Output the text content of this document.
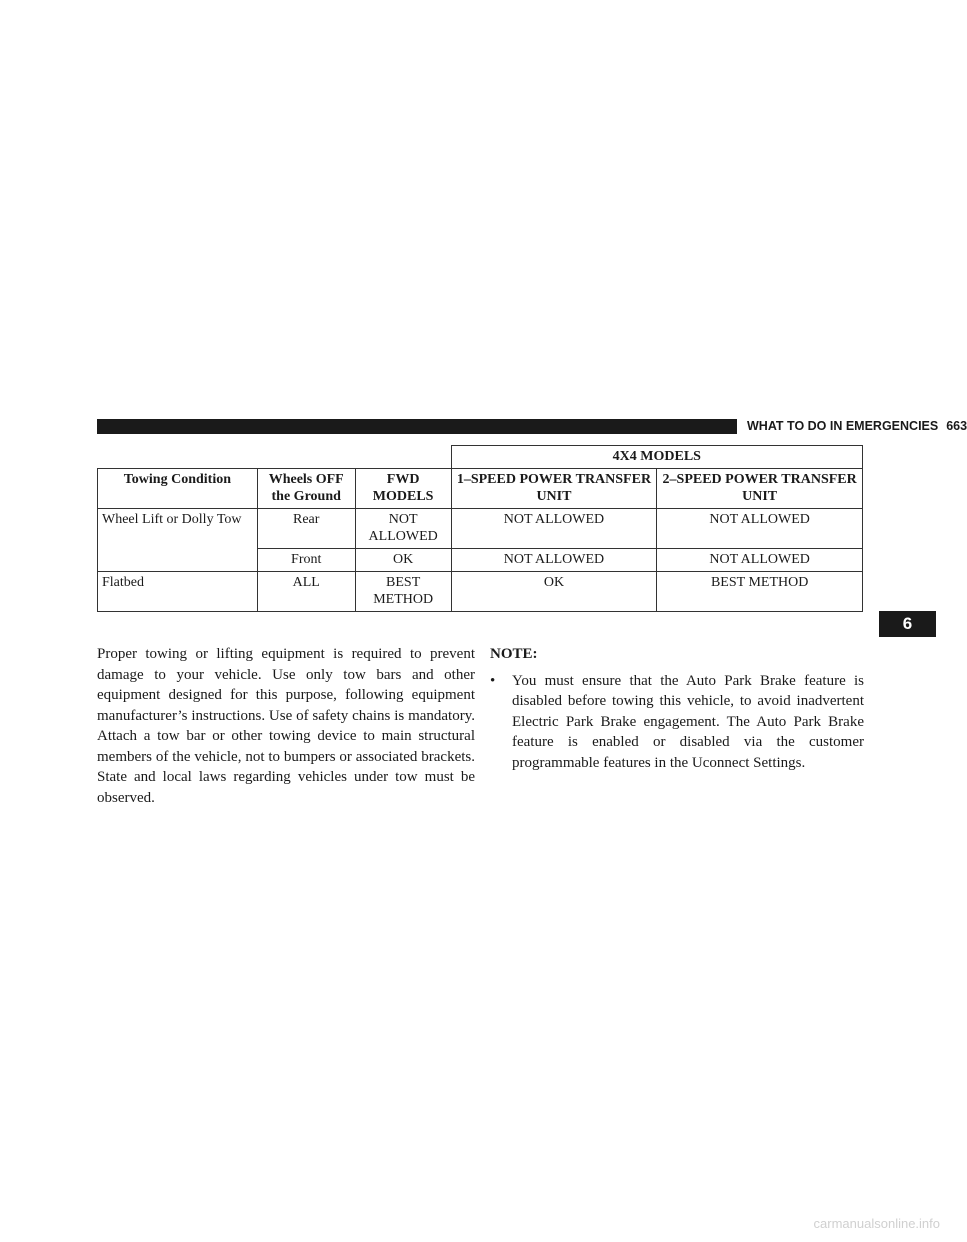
WHAT TO DO IN EMERGENCIES 663
6
			4X4 MODELS	
Towing Condition	Wheels OFF the Ground	FWD MODELS	1–SPEED POWER TRANSFER UNIT	2–SPEED POWER TRANSFER UNIT
Wheel Lift or Dolly Tow	Rear	NOT ALLOWED	NOT ALLOWED	NOT ALLOWED
	Front	OK	NOT ALLOWED	NOT ALLOWED
Flatbed	ALL	BEST METHOD	OK	BEST METHOD
Proper towing or lifting equipment is required to prevent damage to your vehicle. Use only tow bars and other equipment designed for this purpose, following equipment manufacturer’s instructions. Use of safety chains is mandatory. Attach a tow bar or other towing device to main structural members of the vehicle, not to bumpers or associated brackets. State and local laws regarding vehicles under tow must be observed.
NOTE:
•	You must ensure that the Auto Park Brake feature is disabled before towing this vehicle, to avoid inadvertent Electric Park Brake engagement. The Auto Park Brake feature is enabled or disabled via the customer programmable features in the Uconnect Settings.
carmanualsonline.info
